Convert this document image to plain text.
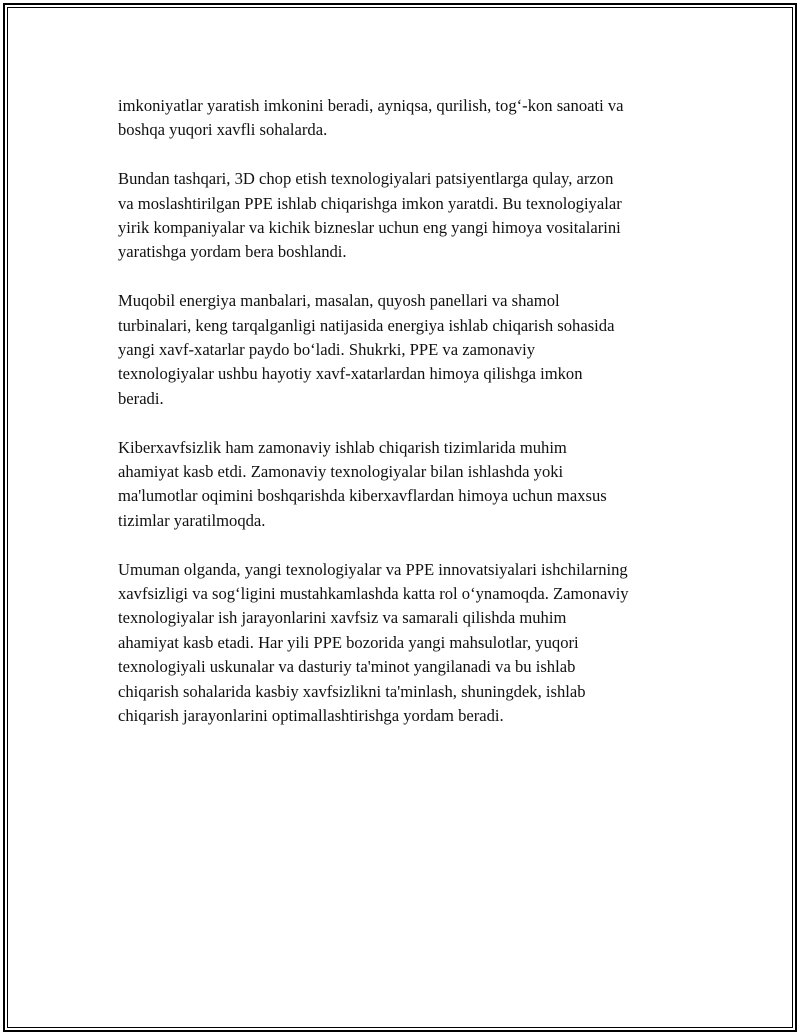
imkoniyatlar yaratish imkonini beradi, ayniqsa, qurilish, tog‘-kon sanoati va
boshqa yuqori xavfli sohalarda.

Bundan tashqari, 3D chop etish texnologiyalari patsiyentlarga qulay, arzon
va moslashtirilgan PPE ishlab chiqarishga imkon yaratdi. Bu texnologiyalar
yirik kompaniyalar va kichik bizneslar uchun eng yangi himoya vositalarini
yaratishga yordam bera boshlandi.

Muqobil energiya manbalari, masalan, quyosh panellari va shamol
turbinalari, keng tarqalganligi natijasida energiya ishlab chiqarish sohasida
yangi xavf-xatarlar paydo bo‘ladi. Shukrki, PPE va zamonaviy
texnologiyalar ushbu hayotiy xavf-xatarlardan himoya qilishga imkon
beradi.

Kiberxavfsizlik ham zamonaviy ishlab chiqarish tizimlarida muhim
ahamiyat kasb etdi. Zamonaviy texnologiyalar bilan ishlashda yoki
ma'lumotlar oqimini boshqarishda kiberxavflardan himoya uchun maxsus
tizimlar yaratilmoqda.

Umuman olganda, yangi texnologiyalar va PPE innovatsiyalari ishchilarning
xavfsizligi va sog‘ligini mustahkamlashda katta rol o‘ynamoqda. Zamonaviy
texnologiyalar ish jarayonlarini xavfsiz va samarali qilishda muhim
ahamiyat kasb etadi. Har yili PPE bozorida yangi mahsulotlar, yuqori
texnologiyali uskunalar va dasturiy ta'minot yangilanadi va bu ishlab
chiqarish sohalarida kasbiy xavfsizlikni ta'minlash, shuningdek, ishlab
chiqarish jarayonlarini optimallashtirishga yordam beradi.
